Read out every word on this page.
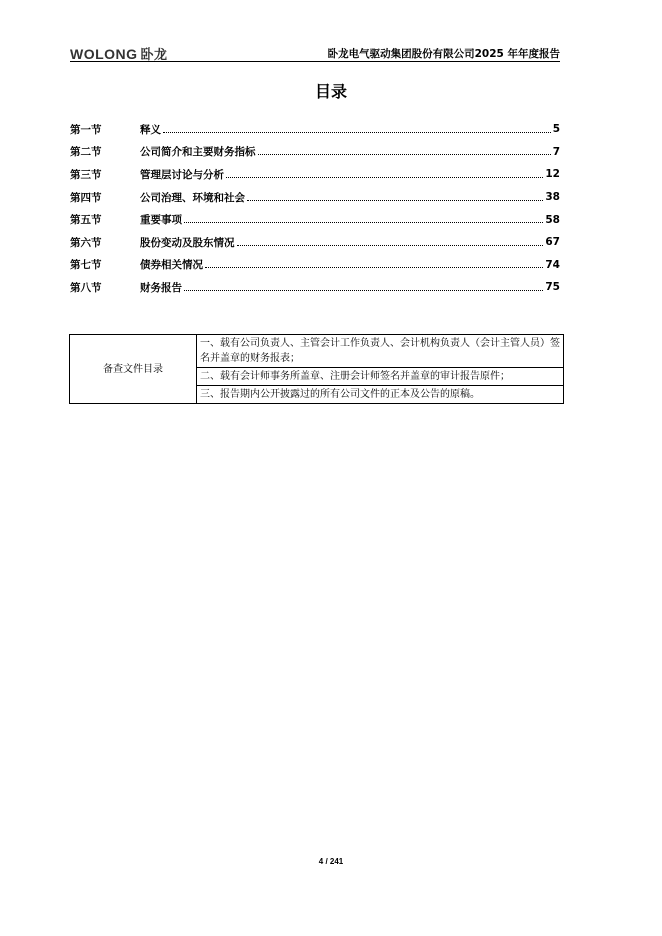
WOLONG 卧龙	卧龙电气驱动集团股份有限公司2025 年年度报告
目录
第一节	释义	5
第二节	公司简介和主要财务指标	7
第三节	管理层讨论与分析	12
第四节	公司治理、环境和社会	38
第五节	重要事项	58
第六节	股份变动及股东情况	67
第七节	债券相关情况	74
第八节	财务报告	75
备查文件目录	一、载有公司负责人、主管会计工作负责人、会计机构负责人（会计主管人员）签名并盖章的财务报表；
二、载有会计师事务所盖章、注册会计师签名并盖章的审计报告原件；
三、报告期内公开披露过的所有公司文件的正本及公告的原稿。
4 / 241
